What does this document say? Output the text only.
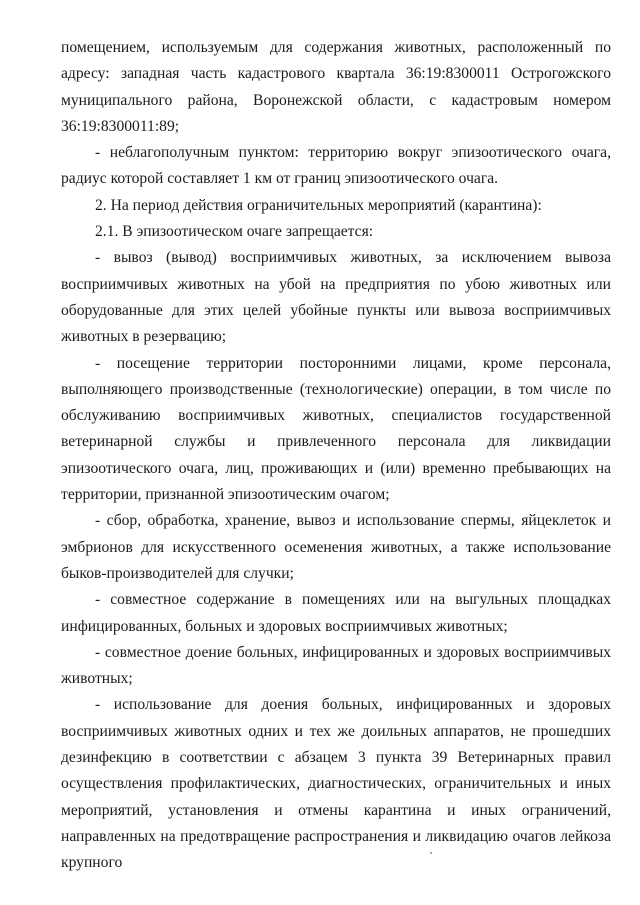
помещением, используемым для содержания животных, расположенный по адресу: западная часть кадастрового квартала 36:19:8300011 Острогожского муниципального района, Воронежской области, с кадастровым номером 36:19:8300011:89;

- неблагополучным пунктом: территорию вокруг эпизоотического очага, радиус которой составляет 1 км от границ эпизоотического очага.

2. На период действия ограничительных мероприятий (карантина):

2.1. В эпизоотическом очаге запрещается:

- вывоз (вывод) восприимчивых животных, за исключением вывоза восприимчивых животных на убой на предприятия по убою животных или оборудованные для этих целей убойные пункты или вывоза восприимчивых животных в резервацию;

- посещение территории посторонними лицами, кроме персонала, выполняющего производственные (технологические) операции, в том числе по обслуживанию восприимчивых животных, специалистов государственной ветеринарной службы и привлеченного персонала для ликвидации эпизоотического очага, лиц, проживающих и (или) временно пребывающих на территории, признанной эпизоотическим очагом;

- сбор, обработка, хранение, вывоз и использование спермы, яйцеклеток и эмбрионов для искусственного осеменения животных, а также использование быков-производителей для случки;

- совместное содержание в помещениях или на выгульных площадках инфицированных, больных и здоровых восприимчивых животных;

- совместное доение больных, инфицированных и здоровых восприимчивых животных;

- использование для доения больных, инфицированных и здоровых восприимчивых животных одних и тех же доильных аппаратов, не прошедших дезинфекцию в соответствии с абзацем 3 пункта 39 Ветеринарных правил осуществления профилактических, диагностических, ограничительных и иных мероприятий, установления и отмены карантина и иных ограничений, направленных на предотвращение распространения и ликвидацию очагов лейкоза крупного
